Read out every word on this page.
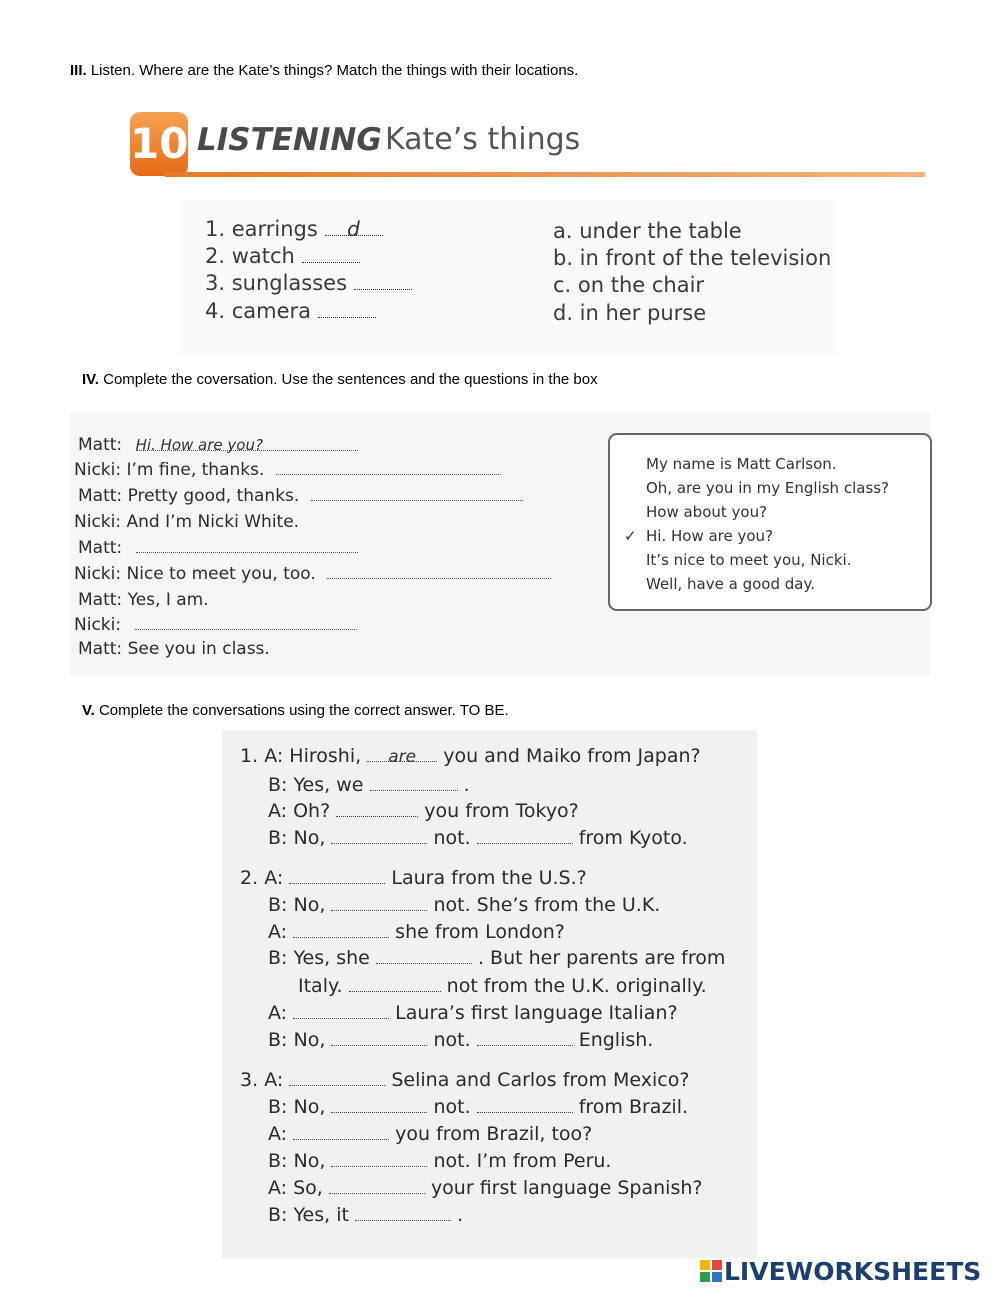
III. Listen. Where are the Kate’s things? Match the things with their locations.
10 LISTENING Kate’s things
1. earrings d
2. watch
3. sunglasses
4. camera
a. under the table
b. in front of the television
c. on the chair
d. in her purse
IV. Complete the coversation. Use the sentences and the questions in the box
Matt: Hi. How are you?
Nicki: I’m fine, thanks.
Matt: Pretty good, thanks.
Nicki: And I’m Nicki White.
Matt:
Nicki: Nice to meet you, too.
Matt: Yes, I am.
Nicki:
Matt: See you in class.
My name is Matt Carlson.
Oh, are you in my English class?
How about you?
✓ Hi. How are you?
It’s nice to meet you, Nicki.
Well, have a good day.
V. Complete the conversations using the correct answer. TO BE.
1. A: Hiroshi, are you and Maiko from Japan?
B: Yes, we	.
A: Oh?	you from Tokyo?
B: No,	not.	from Kyoto.
2. A:	Laura from the U.S.?
B: No,	not. She’s from the U.K.
A:	she from London?
B: Yes, she	. But her parents are from
Italy.	not from the U.K. originally.
A:	Laura’s first language Italian?
B: No,	not.	English.
3. A:	Selina and Carlos from Mexico?
B: No,	not.	from Brazil.
A:	you from Brazil, too?
B: No,	not. I’m from Peru.
A: So,	your first language Spanish?
B: Yes, it	.
LIVEWORKSHEETS
